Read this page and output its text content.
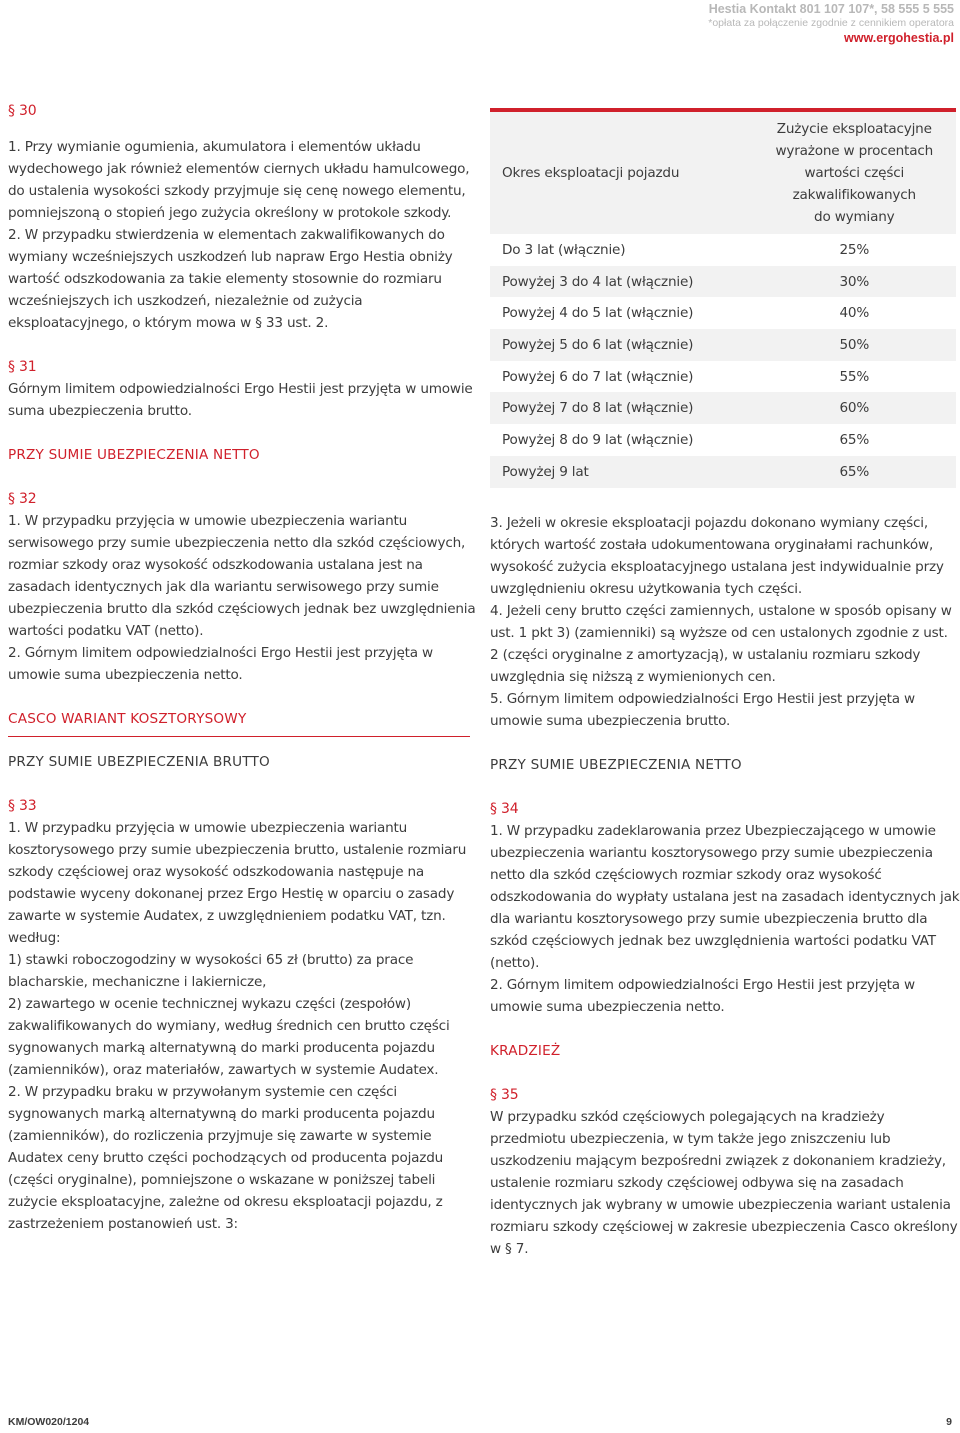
Hestia Kontakt 801 107 107*, 58 555 5 555
*opłata za połączenie zgodnie z cennikiem operatora
www.ergohestia.pl
§ 30

1. Przy wymianie ogumienia, akumulatora i elementów układu wydechowego jak również elementów ciernych układu hamulcowego, do ustalenia wysokości szkody przyjmuje się cenę nowego elementu, pomniejszoną o stopień jego zużycia określony w protokole szkody.

2. W przypadku stwierdzenia w elementach zakwalifikowanych do wymiany wcześniejszych uszkodzeń lub napraw Ergo Hestia obniży wartość odszkodowania za takie elementy stosownie do rozmiaru wcześniejszych ich uszkodzeń, niezależnie od zużycia eksploatacyjnego, o którym mowa w § 33 ust. 2.

§ 31

Górnym limitem odpowiedzialności Ergo Hestii jest przyjęta w umowie suma ubezpieczenia brutto.

PRZY SUMIE UBEZPIECZENIA NETTO
§ 32

1. W przypadku przyjęcia w umowie ubezpieczenia wariantu serwisowego przy sumie ubezpieczenia netto dla szkód częściowych, rozmiar szkody oraz wysokość odszkodowania ustalana jest na zasadach identycznych jak dla wariantu serwisowego przy sumie ubezpieczenia brutto dla szkód częściowych jednak bez uwzględnienia wartości podatku VAT (netto).

2. Górnym limitem odpowiedzialności Ergo Hestii jest przyjęta w umowie suma ubezpieczenia netto.

CASCO WARIANT KOSZTORYSOWY
PRZY SUMIE UBEZPIECZENIA BRUTTO
§ 33

1. W przypadku przyjęcia w umowie ubezpieczenia wariantu kosztorysowego przy sumie ubezpieczenia brutto, ustalenie rozmiaru szkody częściowej oraz wysokość odszkodowania następuje na podstawie wyceny dokonanej przez Ergo Hestię w oparciu o zasady zawarte w systemie Audatex, z uwzględnieniem podatku VAT, tzn. według:

1) stawki roboczogodziny w wysokości 65 zł (brutto) za prace blacharskie, mechaniczne i lakiernicze,

2) zawartego w ocenie technicznej wykazu części (zespołów) zakwalifikowanych do wymiany, według średnich cen brutto części sygnowanych marką alternatywną do marki producenta pojazdu (zamienników), oraz materiałów, zawartych w systemie Audatex.

2. W przypadku braku w przywołanym systemie cen części sygnowanych marką alternatywną do marki producenta pojazdu (zamienników), do rozliczenia przyjmuje się zawarte w systemie Audatex ceny brutto części pochodzących od producenta pojazdu (części oryginalne), pomniejszone o wskazane w poniższej tabeli zużycie eksploatacyjne, zależne od okresu eksploatacji pojazdu, z zastrzeżeniem postanowień ust. 3:

Okres eksploatacji pojazdu	Zużycie eksploatacyjne
wyrażone w procentach
wartości części
zakwalifikowanych
do wymiany

Do 3 lat (włącznie)	25%
Powyżej 3 do 4 lat (włącznie)	30%
Powyżej 4 do 5 lat (włącznie)	40%
Powyżej 5 do 6 lat (włącznie)	50%
Powyżej 6 do 7 lat (włącznie)	55%
Powyżej 7 do 8 lat (włącznie)	60%
Powyżej 8 do 9 lat (włącznie)	65%
Powyżej 9 lat	65%

3. Jeżeli w okresie eksploatacji pojazdu dokonano wymiany części, których wartość została udokumentowana oryginałami rachunków, wysokość zużycia eksploatacyjnego ustalana jest indywidualnie przy uwzględnieniu okresu użytkowania tych części.

4. Jeżeli ceny brutto części zamiennych, ustalone w sposób opisany w ust. 1 pkt 3) (zamienniki) są wyższe od cen ustalonych zgodnie z ust. 2 (części oryginalne z amortyzacją), w ustalaniu rozmiaru szkody uwzględnia się niższą z wymienionych cen.

5. Górnym limitem odpowiedzialności Ergo Hestii jest przyjęta w umowie suma ubezpieczenia brutto.

PRZY SUMIE UBEZPIECZENIA NETTO
§ 34

1. W przypadku zadeklarowania przez Ubezpieczającego w umowie ubezpieczenia wariantu kosztorysowego przy sumie ubezpieczenia netto dla szkód częściowych rozmiar szkody oraz wysokość odszkodowania do wypłaty ustalana jest na zasadach identycznych jak dla wariantu kosztorysowego przy sumie ubezpieczenia brutto dla szkód częściowych jednak bez uwzględnienia wartości podatku VAT (netto).

2. Górnym limitem odpowiedzialności Ergo Hestii jest przyjęta w umowie suma ubezpieczenia netto.

KRADZIEŻ
§ 35

W przypadku szkód częściowych polegających na kradzieży przedmiotu ubezpieczenia, w tym także jego zniszczeniu lub uszkodzeniu mającym bezpośredni związek z dokonaniem kradzieży, ustalenie rozmiaru szkody częściowej odbywa się na zasadach identycznych jak wybrany w umowie ubezpieczenia wariant ustalenia rozmiaru szkody częściowej w zakresie ubezpieczenia Casco określony w § 7.

KM/OW020/1204	9
